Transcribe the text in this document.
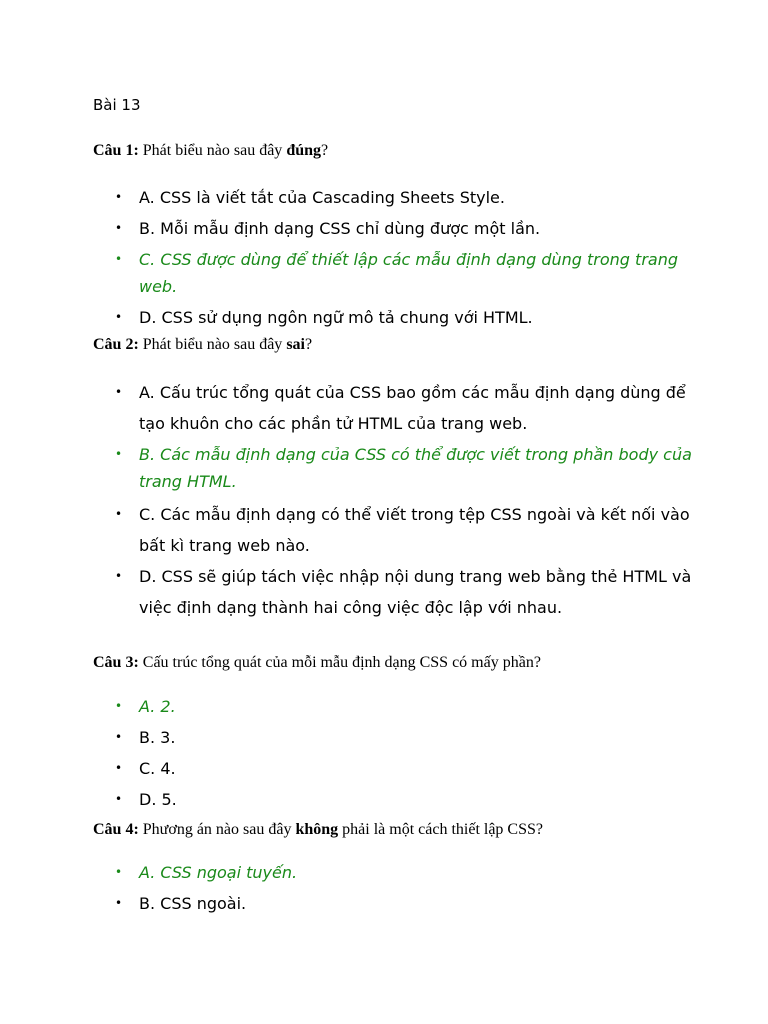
Bài 13

Câu 1: Phát biểu nào sau đây đúng?

• A. CSS là viết tắt của Cascading Sheets Style.
• B. Mỗi mẫu định dạng CSS chỉ dùng được một lần.
• C. CSS được dùng để thiết lập các mẫu định dạng dùng trong trang web.
• D. CSS sử dụng ngôn ngữ mô tả chung với HTML.

Câu 2: Phát biểu nào sau đây sai?

• A. Cấu trúc tổng quát của CSS bao gồm các mẫu định dạng dùng để tạo khuôn cho các phần tử HTML của trang web.
• B. Các mẫu định dạng của CSS có thể được viết trong phần body của trang HTML.
• C. Các mẫu định dạng có thể viết trong tệp CSS ngoài và kết nối vào bất kì trang web nào.
• D. CSS sẽ giúp tách việc nhập nội dung trang web bằng thẻ HTML và việc định dạng thành hai công việc độc lập với nhau.

Câu 3: Cấu trúc tổng quát của mỗi mẫu định dạng CSS có mấy phần?

• A. 2.
• B. 3.
• C. 4.
• D. 5.

Câu 4: Phương án nào sau đây không phải là một cách thiết lập CSS?

• A. CSS ngoại tuyến.
• B. CSS ngoài.
